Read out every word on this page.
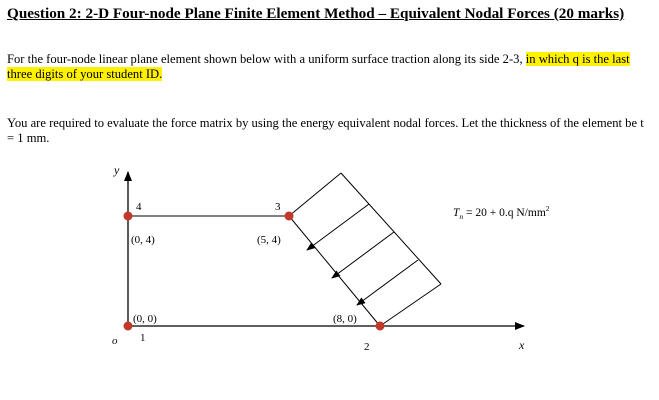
Question 2: 2-D Four-node Plane Finite Element Method – Equivalent Nodal Forces (20 marks)
For the four-node linear plane element shown below with a uniform surface traction along its side 2-3, in which q is the last three digits of your student ID.
You are required to evaluate the force matrix by using the energy equivalent nodal forces. Let the thickness of the element be t = 1 mm.
y
x
o 1
2
3
4
(0, 0)	(8, 0)
(5, 4)
(0, 4)
$T_n = 20 + 0.q$ $N/mm^2$
